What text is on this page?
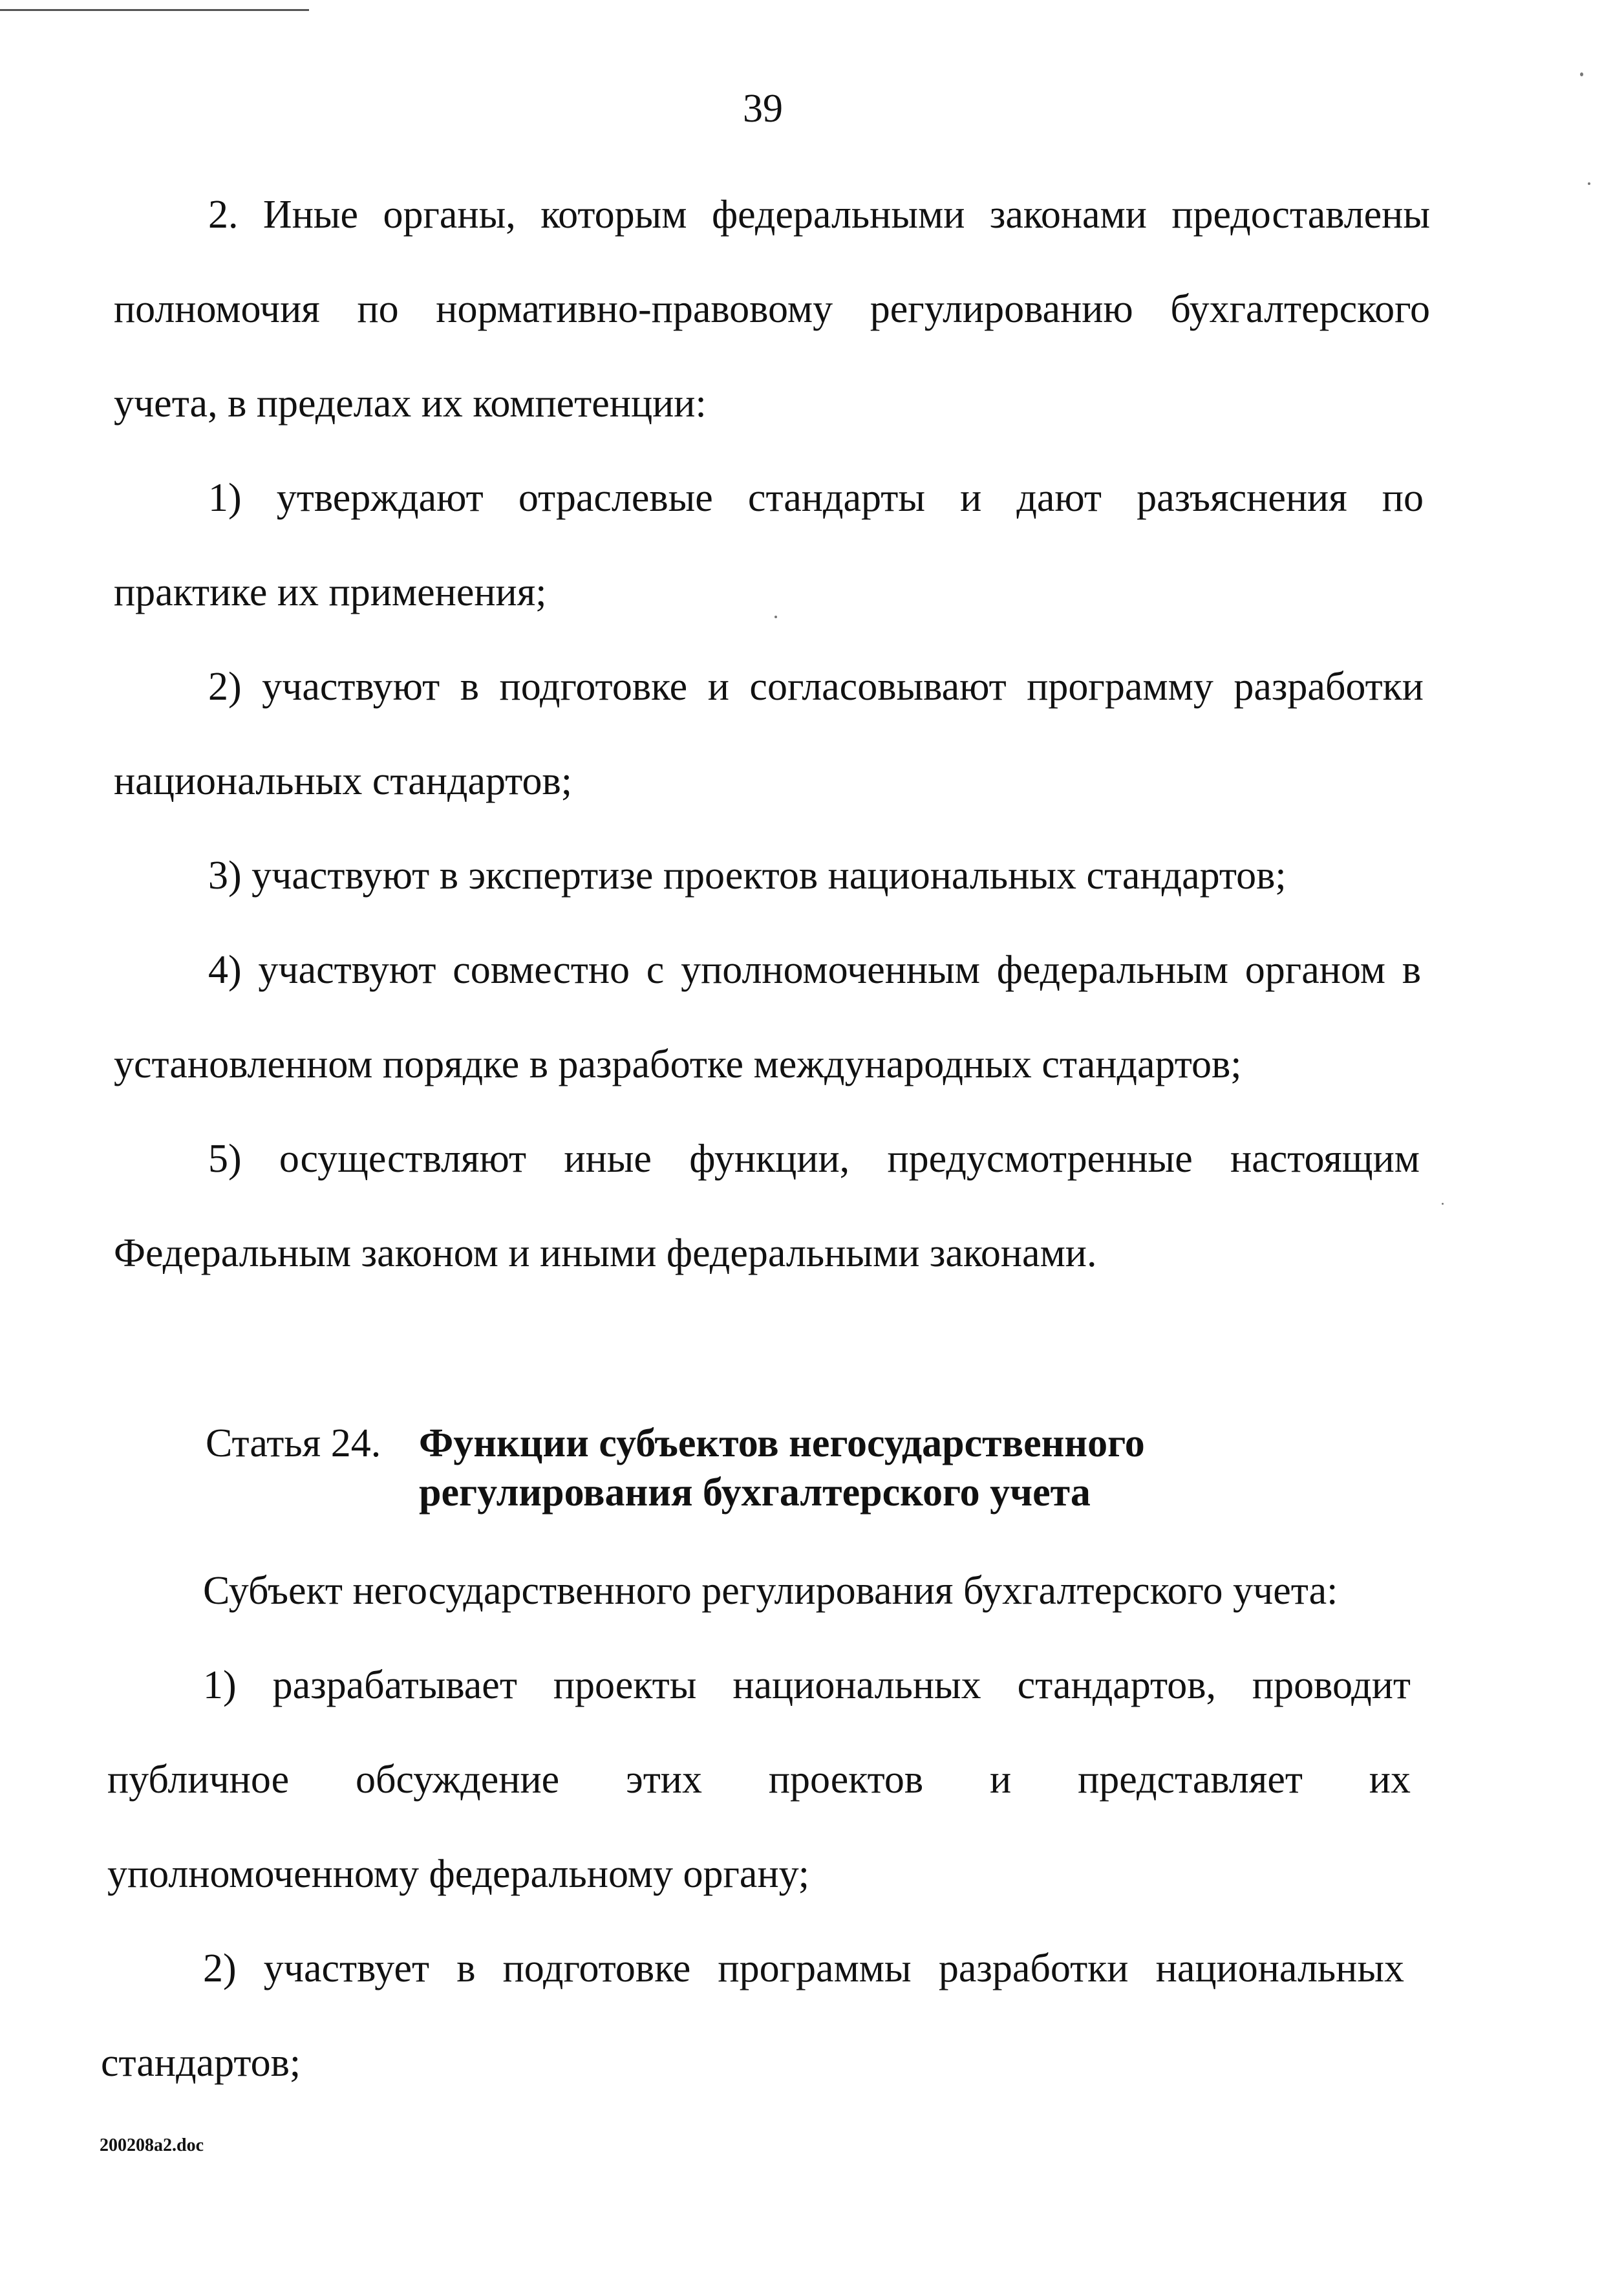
39
2. Иные органы, которым федеральными законами предоставлены
полномочия по нормативно-правовому регулированию бухгалтерского
учета, в пределах их компетенции:
1) утверждают отраслевые стандарты и дают разъяснения по
практике их применения;
2) участвуют в подготовке и согласовывают программу разработки
национальных стандартов;
3) участвуют в экспертизе проектов национальных стандартов;
4) участвуют совместно с уполномоченным федеральным органом в
установленном порядке в разработке международных стандартов;
5) осуществляют иные функции, предусмотренные настоящим
Федеральным законом и иными федеральными законами.
Статья 24. Функции субъектов негосударственного
регулирования бухгалтерского учета
Субъект негосударственного регулирования бухгалтерского учета:
1) разрабатывает проекты национальных стандартов, проводит
публичное обсуждение этих проектов и представляет их
уполномоченному федеральному органу;
2) участвует в подготовке программы разработки национальных
стандартов;
200208a2.doc
